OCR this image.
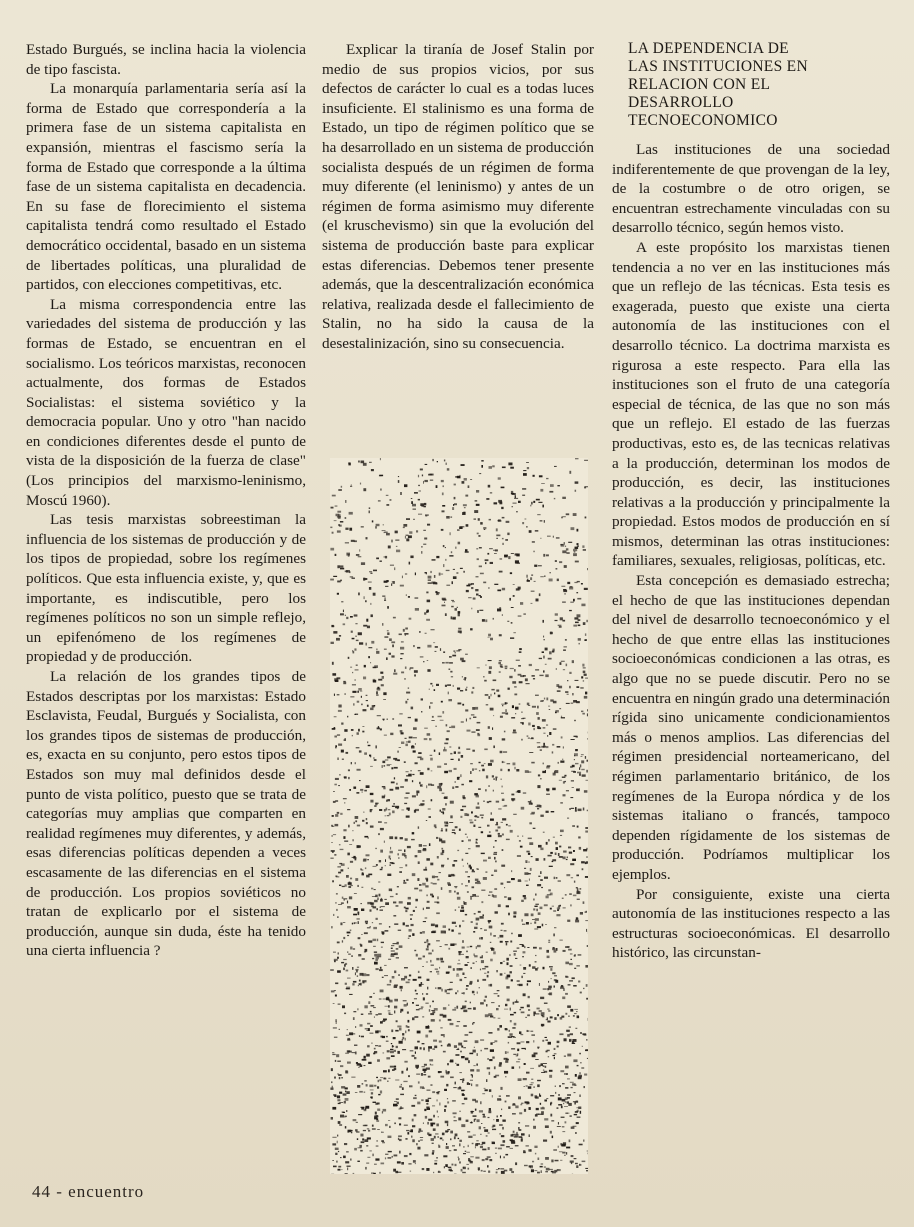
Estado Burgués, se inclina hacia la violencia de tipo fascista.

La monarquía parlamentaria sería así la forma de Estado que correspondería a la primera fase de un sistema capitalista en expansión, mientras el fascismo sería la forma de Estado que corresponde a la última fase de un sistema capitalista en decadencia. En su fase de florecimiento el sistema capitalista tendrá como resultado el Estado democrático occidental, basado en un sistema de libertades políticas, una pluralidad de partidos, con elecciones competitivas, etc.

La misma correspondencia entre las variedades del sistema de producción y las formas de Estado, se encuentran en el socialismo. Los teóricos marxistas, reconocen actualmente, dos formas de Estados Socialistas: el sistema soviético y la democracia popular. Uno y otro "han nacido en condiciones diferentes desde el punto de vista de la disposición de la fuerza de clase" (Los principios del marxismo-leninismo, Moscú 1960).

Las tesis marxistas sobreestiman la influencia de los sistemas de producción y de los tipos de propiedad, sobre los regímenes políticos. Que esta influencia existe, y, que es importante, es indiscutible, pero los regímenes políticos no son un simple reflejo, un epifenómeno de los regímenes de propiedad y de producción.

La relación de los grandes tipos de Estados descriptas por los marxistas: Estado Esclavista, Feudal, Burgués y Socialista, con los grandes tipos de sistemas de producción, es, exacta en su conjunto, pero estos tipos de Estados son muy mal definidos desde el punto de vista político, puesto que se trata de categorías muy amplias que comparten en realidad regímenes muy diferentes, y además, esas diferencias políticas dependen a veces escasamente de las diferencias en el sistema de producción. Los propios soviéticos no tratan de explicarlo por el sistema de producción, aunque sin duda, éste ha tenido una cierta influencia ?

Explicar la tiranía de Josef Stalin por medio de sus propios vicios, por sus defectos de carácter lo cual es a todas luces insuficiente. El stalinismo es una forma de Estado, un tipo de régimen político que se ha desarrollado en un sistema de producción socialista después de un régimen de forma muy diferente (el leninismo) y antes de un régimen de forma asimismo muy diferente (el kruschevismo) sin que la evolución del sistema de producción baste para explicar estas diferencias. Debemos tener presente además, que la descentralización económica relativa, realizada desde el fallecimiento de Stalin, no ha sido la causa de la desestalinización, sino su consecuencia.

LA DEPENDENCIA DE
LAS INSTITUCIONES EN
RELACION CON EL
DESARROLLO
TECNOECONOMICO

Las instituciones de una sociedad indiferentemente de que provengan de la ley, de la costumbre o de otro origen, se encuentran estrechamente vinculadas con su desarrollo técnico, según hemos visto.

A este propósito los marxistas tienen tendencia a no ver en las instituciones más que un reflejo de las técnicas. Esta tesis es exagerada, puesto que existe una cierta autonomía de las instituciones con el desarrollo técnico. La doctrima marxista es rigurosa a este respecto. Para ella las instituciones son el fruto de una categoría especial de técnica, de las que no son más que un reflejo. El estado de las fuerzas productivas, esto es, de las tecnicas relativas a la producción, determinan los modos de producción, es decir, las instituciones relativas a la producción y principalmente la propiedad. Estos modos de producción en sí mismos, determinan las otras instituciones: familiares, sexuales, religiosas, políticas, etc.

Esta concepción es demasiado estrecha; el hecho de que las instituciones dependan del nivel de desarrollo tecnoeconómico y el hecho de que entre ellas las instituciones socioeconómicas condicionen a las otras, es algo que no se puede discutir. Pero no se encuentra en ningún grado una determinación rígida sino unicamente condicionamientos más o menos amplios. Las diferencias del régimen presidencial norteamericano, del régimen parlamentario británico, de los regímenes de la Europa nórdica y de los sistemas italiano o francés, tampoco dependen rígidamente de los sistemas de producción. Podríamos multiplicar los ejemplos.

Por consiguiente, existe una cierta autonomía de las instituciones respecto a las estructuras socioeconómicas. El desarrollo histórico, las circunstan-

44 - encuentro
